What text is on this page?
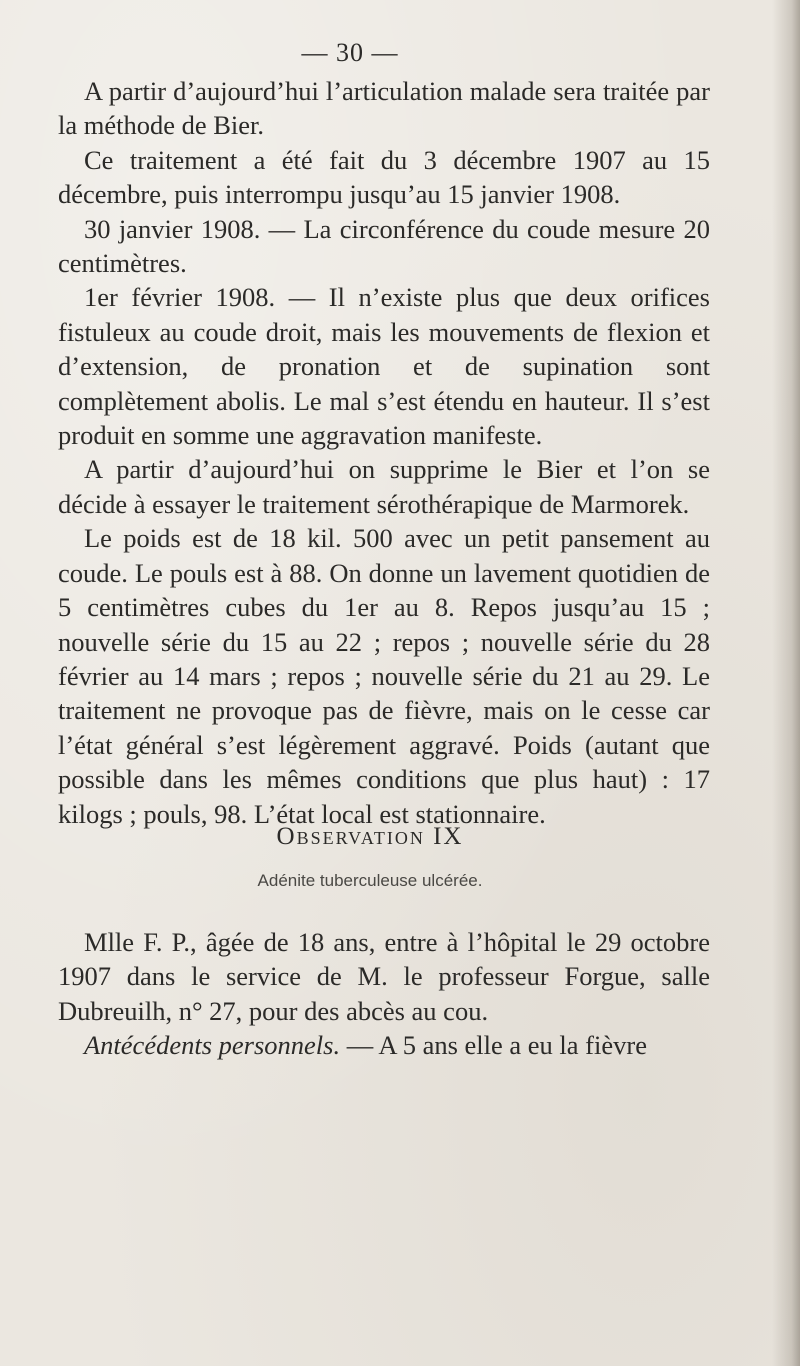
— 30 —

A partir d’aujourd’hui l’articulation malade sera traitée par la méthode de Bier.

Ce traitement a été fait du 3 décembre 1907 au 15 décembre, puis interrompu jusqu’au 15 janvier 1908.

30 janvier 1908. — La circonférence du coude mesure 20 centimètres.

1er février 1908. — Il n’existe plus que deux orifices fistuleux au coude droit, mais les mouvements de flexion et d’extension, de pronation et de supination sont complètement abolis. Le mal s’est étendu en hauteur. Il s’est produit en somme une aggravation manifeste.

A partir d’aujourd’hui on supprime le Bier et l’on se décide à essayer le traitement sérothérapique de Marmorek.

Le poids est de 18 kil. 500 avec un petit pansement au coude. Le pouls est à 88. On donne un lavement quotidien de 5 centimètres cubes du 1er au 8. Repos jusqu’au 15 ; nouvelle série du 15 au 22 ; repos ; nouvelle série du 28 février au 14 mars ; repos ; nouvelle série du 21 au 29. Le traitement ne provoque pas de fièvre, mais on le cesse car l’état général s’est légèrement aggravé. Poids (autant que possible dans les mêmes conditions que plus haut) : 17 kilogs ; pouls, 98. L’état local est stationnaire.

Observation IX
Adénite tuberculeuse ulcérée.

Mlle F. P., âgée de 18 ans, entre à l’hôpital le 29 octobre 1907 dans le service de M. le professeur Forgue, salle Dubreuilh, n° 27, pour des abcès au cou.

Antécédents personnels. — A 5 ans elle a eu la fièvre
